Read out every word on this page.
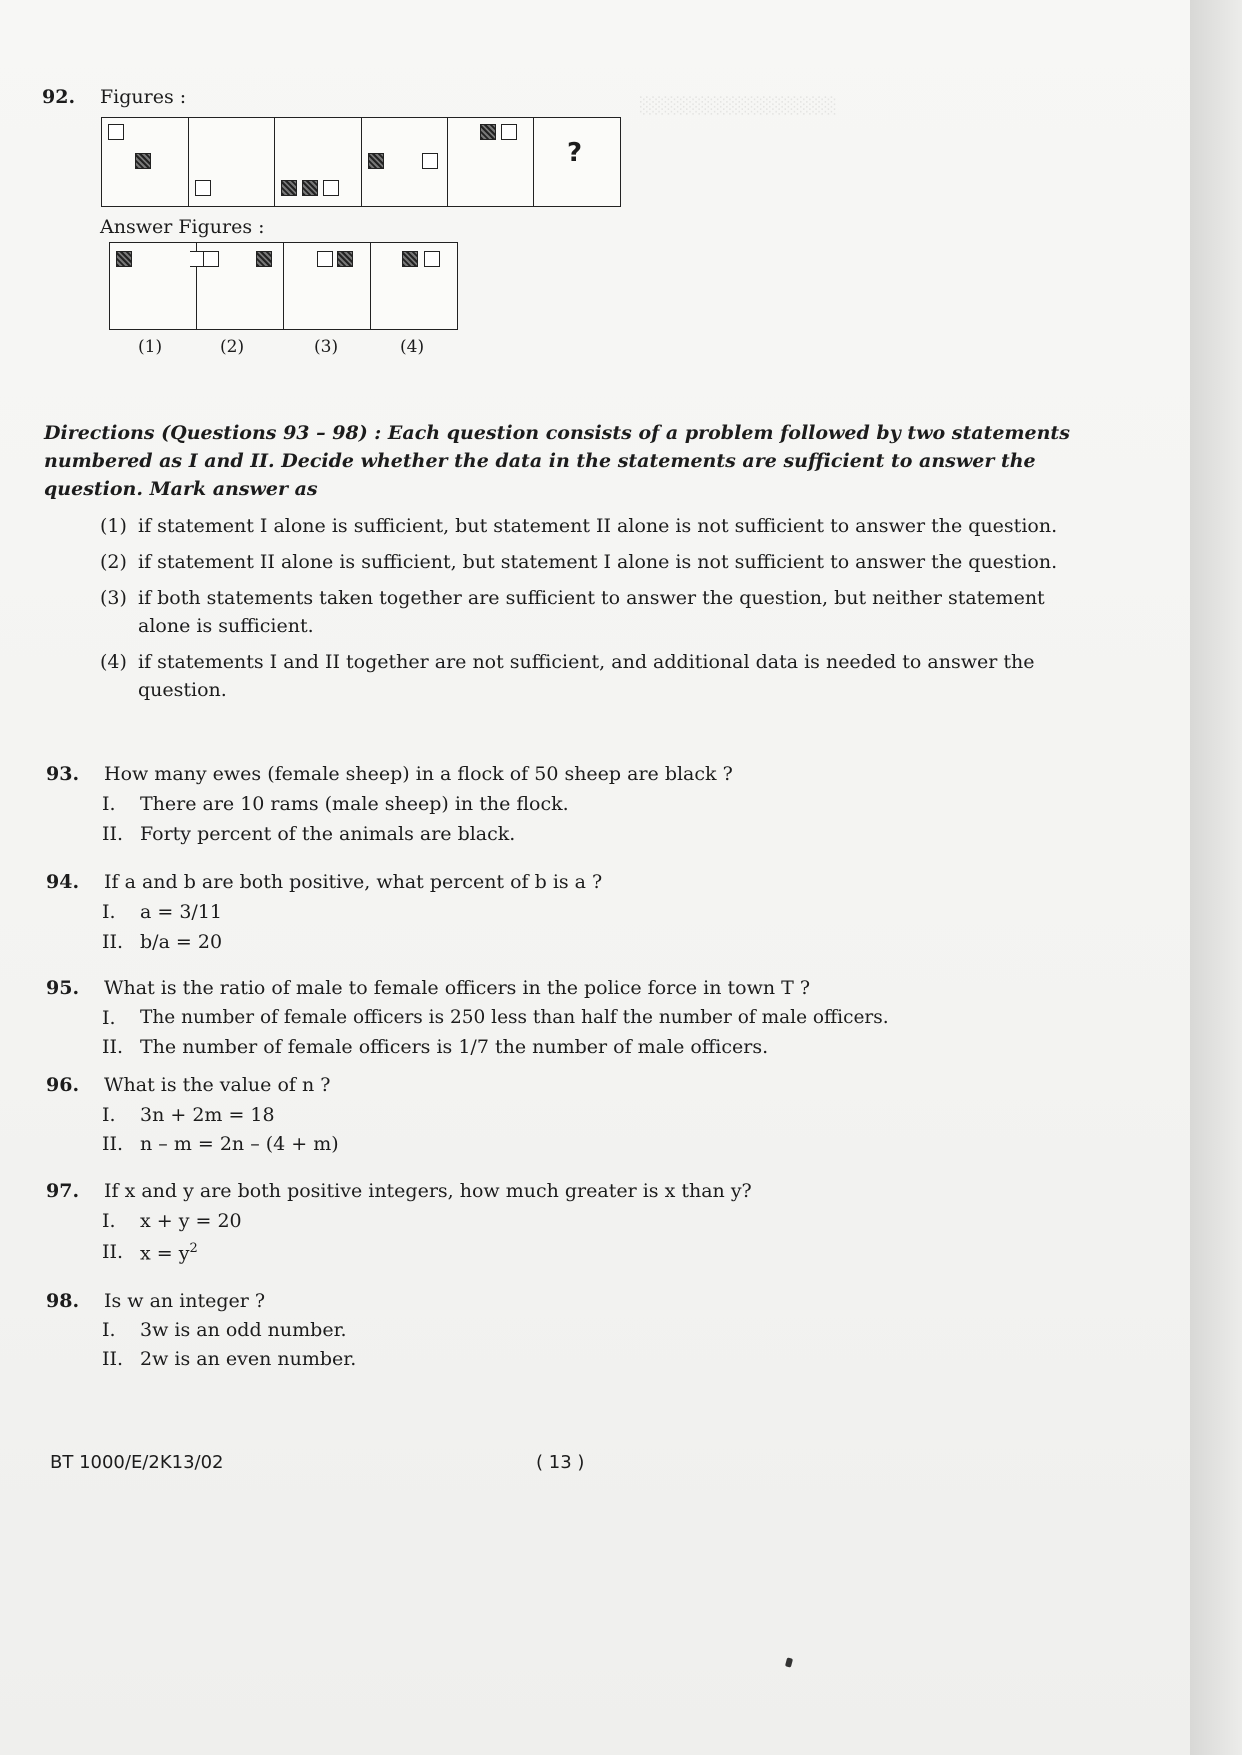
░░░░░░░░░░░░░░░░
92. Figures :
?
Answer Figures :
(1)	(2)	(3)	(4)
Directions (Questions 93 – 98) : Each question consists of a problem followed by two statements numbered as I and II. Decide whether the data in the statements are sufficient to answer the question. Mark answer as
(1) if statement I alone is sufficient, but statement II alone is not sufficient to answer the question.
(2) if statement II alone is sufficient, but statement I alone is not sufficient to answer the question.
(3) if both statements taken together are sufficient to answer the question, but neither statement alone is sufficient.
(4) if statements I and II together are not sufficient, and additional data is needed to answer the question.
93. How many ewes (female sheep) in a flock of 50 sheep are black ?
I. There are 10 rams (male sheep) in the flock.
II. Forty percent of the animals are black.
94. If a and b are both positive, what percent of b is a ?
I. a = 3/11
II. b/a = 20
95. What is the ratio of male to female officers in the police force in town T ?
I. The number of female officers is 250 less than half the number of male officers.
II. The number of female officers is 1/7 the number of male officers.
96. What is the value of n ?
I. 3n + 2m = 18
II. n – m = 2n – (4 + m)
97. If x and y are both positive integers, how much greater is x than y?
I. x + y = 20
II. $x = y^2$
98. Is w an integer ?
I. 3w is an odd number.
II. 2w is an even number.
BT 1000/E/2K13/02	( 13 )
